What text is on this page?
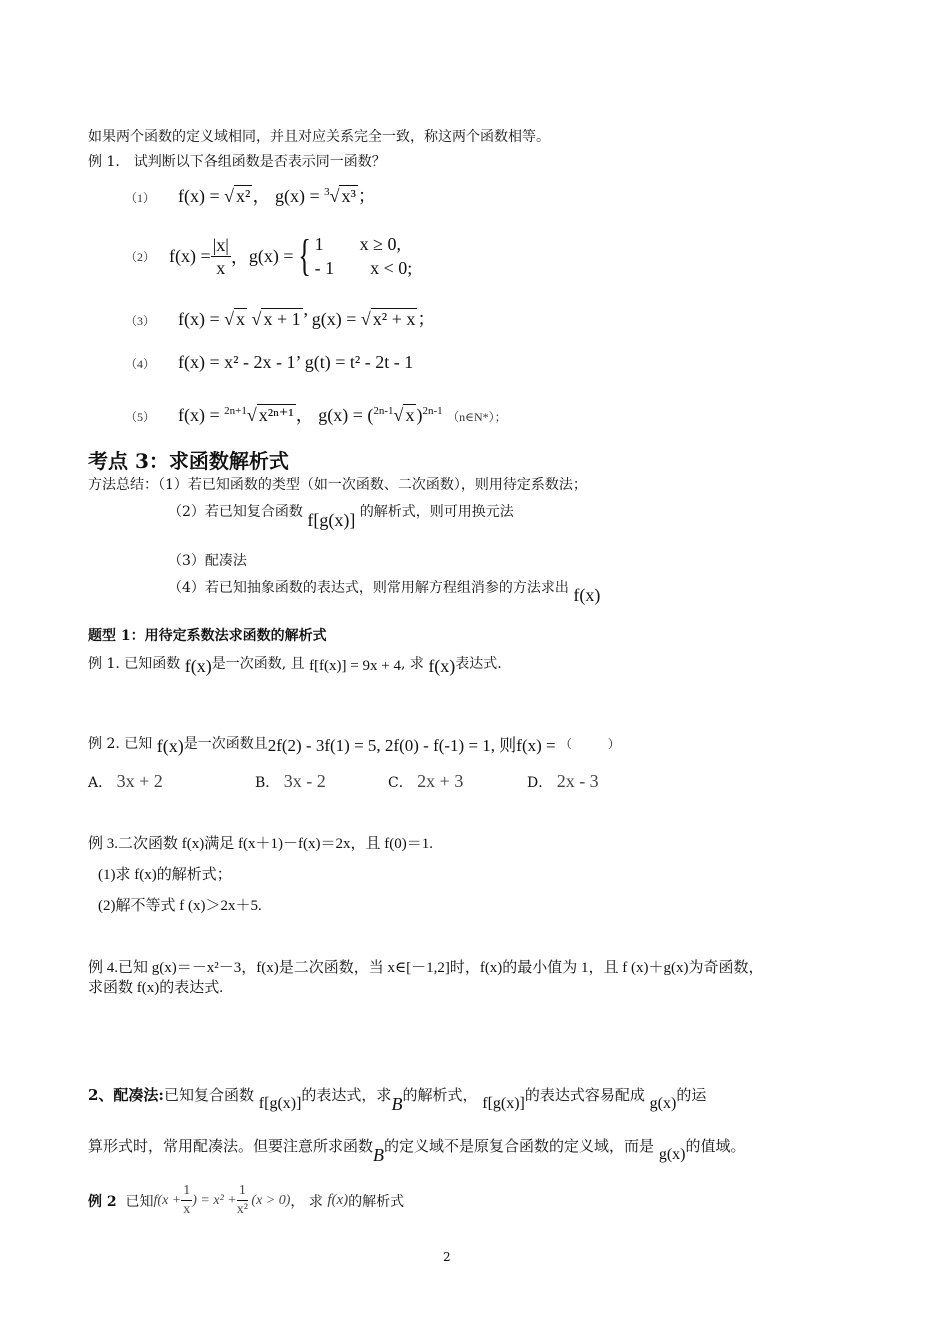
如果两个函数的定义域相同，并且对应关系完全一致，称这两个函数相等。
例 1.　试判断以下各组函数是否表示同一函数？
（1） f(x) = √ x² ， g(x) = $^3$√ x³ ；
（2） $f(x) = \frac{|x|}{x}$ ， g(x) = { 1  x ≥ 0,
- 1  x < 0;
（3） f(x) = √ x √ x + 1 ’ g(x) = √ x² + x ；
（4） f(x) = x² - 2x - 1’ g(t) = t² - 2t - 1
（5） f(x) = $^{2n+1}$√ x²ⁿ⁺¹ ， g(x) = ($^{2n-1}$√ x )$^{2n-1}$ （n∈N*）；
考点 3：求函数解析式
方法总结：（1）若已知函数的类型（如一次函数、二次函数），则用待定系数法；
（2）若已知复合函数 f[g(x)] 的解析式，则可用换元法
（3）配凑法
（4）若已知抽象函数的表达式，则常用解方程组消参的方法求出 f(x)
题型 1：用待定系数法求函数的解析式
例 1. 已知函数 f(x)是一次函数, 且 f[f(x)] = 9x + 4, 求 f(x)表达式.
例 2. 已知 f(x)是一次函数且2f(2) - 3f(1) = 5, 2f(0) - f(-1) = 1, 则f(x) = （   ）
A． 3x + 2	B． 3x - 2	C． 2x + 3	D． 2x - 3
例 3.二次函数 f(x)满足 f(x＋1)－f(x)＝2x，且 f(0)＝1.
(1)求 f(x)的解析式；
(2)解不等式 f (x)＞2x＋5.
例 4.已知 g(x)＝－x²－3，f(x)是二次函数，当 x∈[－1,2]时，f(x)的最小值为 1，且 f (x)＋g(x)为奇函数，
求函数 f(x)的表达式.
2、配凑法:已知复合函数 f[g(x)]的表达式，求B的解析式， f[g(x)]的表达式容易配成 g(x)的运
算形式时，常用配凑法。但要注意所求函数B的定义域不是原复合函数的定义域，而是 g(x)的值域。
例 2
已知 $f(x + \frac{1}{x}$ ) = $x^2 + \frac{1}{\text{x²}}$
(x > 0) ， 求
f(x) 的解析式
2
